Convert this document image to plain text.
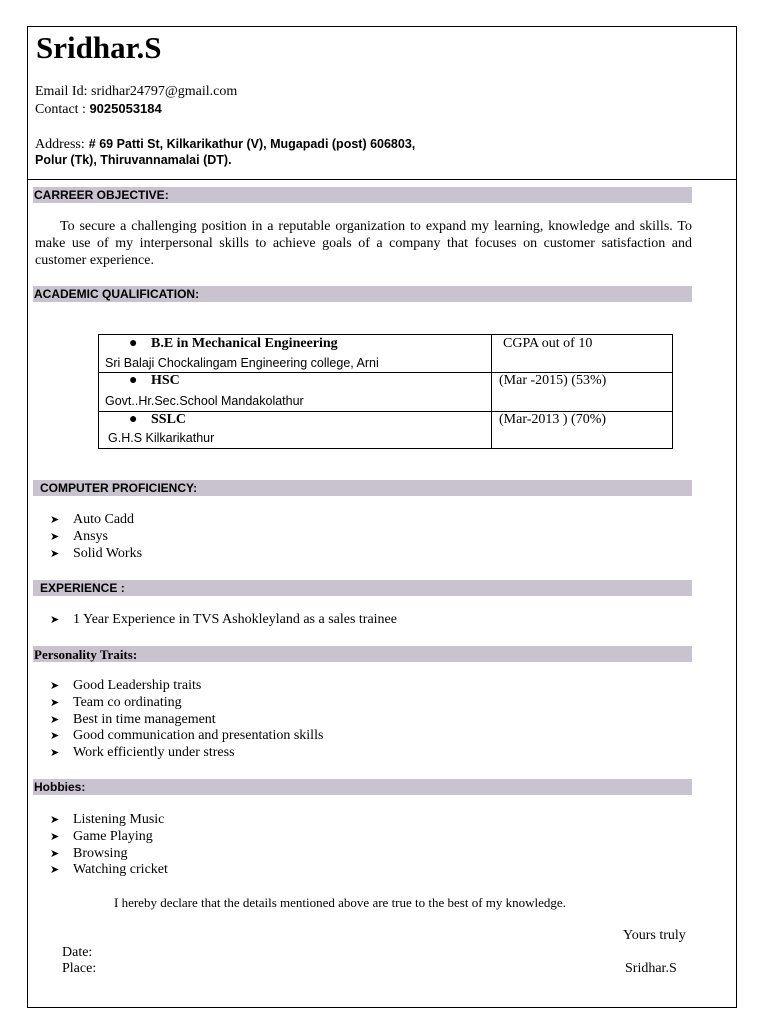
Sridhar.S
Email Id: sridhar24797@gmail.com
Contact : 9025053184
Address: # 69 Patti St, Kilkarikathur (V), Mugapadi (post) 606803,
Polur (Tk), Thiruvannamalai (DT).
CARREER OBJECTIVE:
To secure a challenging position in a reputable organization to expand my learning, knowledge and skills. To make use of my interpersonal skills to achieve goals of a company that focuses on customer satisfaction and customer experience.
ACADEMIC QUALIFICATION:
● B.E in Mechanical Engineering
Sri Balaji Chockalingam Engineering college, Arni	CGPA out of 10

● HSC
Govt..Hr.Sec.School Mandakolathur	(Mar -2015) (53%)

● SSLC
G.H.S Kilkarikathur	(Mar-2013 ) (70%)
COMPUTER PROFICIENCY:
➤ Auto Cadd
➤ Ansys
➤ Solid Works
EXPERIENCE :
➤ 1 Year Experience in TVS Ashokleyland as a sales trainee
Personality Traits:
➤ Good Leadership traits
➤ Team co ordinating
➤ Best in time management
➤ Good communication and presentation skills
➤ Work efficiently under stress
Hobbies:
➤ Listening Music
➤ Game Playing
➤ Browsing
➤ Watching cricket
I hereby declare that the details mentioned above are true to the best of my knowledge.
Yours truly
Date:
Place:	Sridhar.S
